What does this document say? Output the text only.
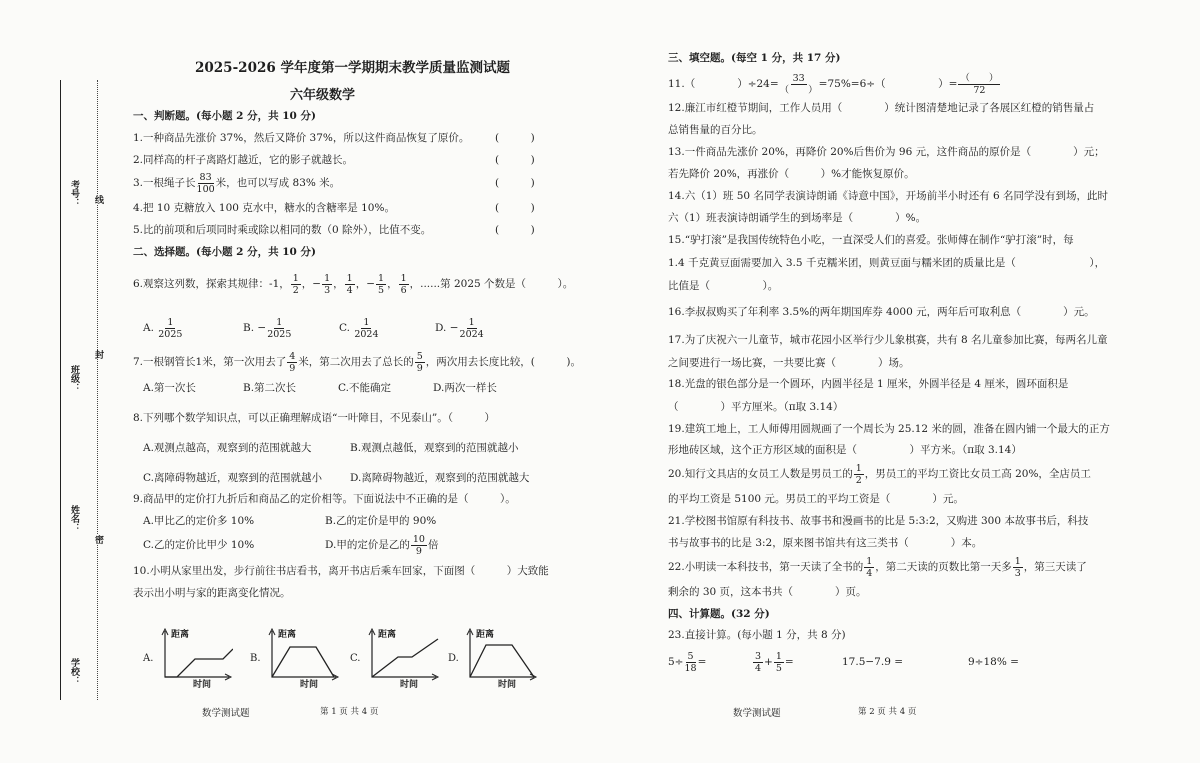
考号：
班级：
姓名：
学校：
线
封
密
2025-2026 学年度第一学期期末教学质量监测试题
六年级数学
一、判断题。(每小题 2 分，共 10 分)
1.一种商品先涨价 37%，然后又降价 37%，所以这件商品恢复了原价。 (　　　)
2.同样高的杆子离路灯越近，它的影子就越长。	(　　　)
3.一根绳子长 $\frac{83}{100}$ 米，也可以写成 83% 米。	(　　　)
4.把 10 克糖放入 100 克水中，糖水的含糖率是 10%。	(　　　)
5.比的前项和后项同时乘或除以相同的数（0 除外），比值不变。	(　　　)
二、选择题。(每小题 2 分，共 10 分)
6.观察这列数，探索其规律：-1， $\frac{1}{2}$ ，− $\frac{1}{3}$ ， $\frac{1}{4}$ ，− $\frac{1}{5}$ ， $\frac{1}{6}$ ，......第 2025 个数是（　　　）。
A. $\frac{1}{2025}$	B. − $\frac{1}{2025}$	C. $\frac{1}{2024}$	D. − $\frac{1}{2024}$
7.一根钢管长1米，第一次用去了 $\frac{4}{9}$ 米，第二次用去了总长的 $\frac{5}{9}$ ，两次用去长度比较，(　　　)。
A.第一次长	B.第二次长	C.不能确定	D.两次一样长
8.下列哪个数学知识点，可以正确理解成语“一叶障目，不见泰山”。（　　　）
A.观测点越高，观察到的范围就越大	B.观测点越低，观察到的范围就越小
C.离障碍物越近，观察到的范围就越小	D.离障碍物越近，观察到的范围就越大
9.商品甲的定价打九折后和商品乙的定价相等。下面说法中不正确的是（　　　）。
A.甲比乙的定价多 10%	B.乙的定价是甲的 90%
C.乙的定价比甲少 10%	D.甲的定价是乙的 $\frac{10}{9}$ 倍
10.小明从家里出发，步行前往书店看书，离开书店后乘车回家，下面图（　　　）大致能
表示出小明与家的距离变化情况。
A.
距离
时间
B.
距离
时间
C.
距离
时间
D.
距离
时间
数学测试题	第 1 页 共 4 页
三、填空题。(每空 1 分，共 17 分)
11.（　　　　）$\div 24= \frac{33}{( )} =75\%=6\div$（　　　　　）= $\frac{( )}{72}$
12.廉江市红橙节期间，工作人员用（　　　　）统计图清楚地记录了各展区红橙的销售量占
总销售量的百分比。
13.一件商品先涨价 20%，再降价 20%后售价为 96 元，这件商品的原价是（　　　　）元；
若先降价 20%，再涨价（　　　）%才能恢复原价。
14.六（1）班 50 名同学表演诗朗诵《诗意中国》，开场前半小时还有 6 名同学没有到场，此时
六（1）班表演诗朗诵学生的到场率是（　　　　）%。
15.“驴打滚”是我国传统特色小吃，一直深受人们的喜爱。张师傅在制作“驴打滚”时，每
1.4 千克黄豆面需要加入 3.5 千克糯米团，则黄豆面与糯米团的质量比是（　　　　　　　），
比值是（　　　　　）。
16.李叔叔购买了年利率 3.5%的两年期国库券 4000 元，两年后可取利息（　　　　）元。
17.为了庆祝六一儿童节，城市花园小区举行少儿象棋赛，共有 8 名儿童参加比赛，每两名儿童
之间要进行一场比赛，一共要比赛（　　　　）场。
18.光盘的银色部分是一个圆环，内圆半径是 1 厘米，外圆半径是 4 厘米，圆环面积是
（　　　　）平方厘米。（π取 3.14）
19.建筑工地上，工人师傅用圆规画了一个周长为 25.12 米的圆，准备在圆内铺一个最大的正方
形地砖区域，这个正方形区域的面积是（　　　　　）平方米。（π取 3.14）
20.知行文具店的女员工人数是男员工的 $\frac{1}{2}$ ，男员工的平均工资比女员工高 20%，全店员工
的平均工资是 5100 元。男员工的平均工资是（　　　　）元。
21.学校图书馆原有科技书、故事书和漫画书的比是 5:3:2，又购进 300 本故事书后，科技
书与故事书的比是 3:2，原来图书馆共有这三类书（　　　　）本。
22.小明读一本科技书，第一天读了全书的 $\frac{1}{4}$ ，第二天读的页数比第一天多 $\frac{1}{3}$ ，第三天读了
剩余的 30 页，这本书共（　　　　）页。
四、计算题。(32 分)
23.直接计算。(每小题 1 分，共 8 分)
$5\div \frac{5}{18}$ =	$\frac{3}{4} + \frac{1}{5}$ =	17.5−7.9 =	9÷18% =
数学测试题	第 2 页 共 4 页
